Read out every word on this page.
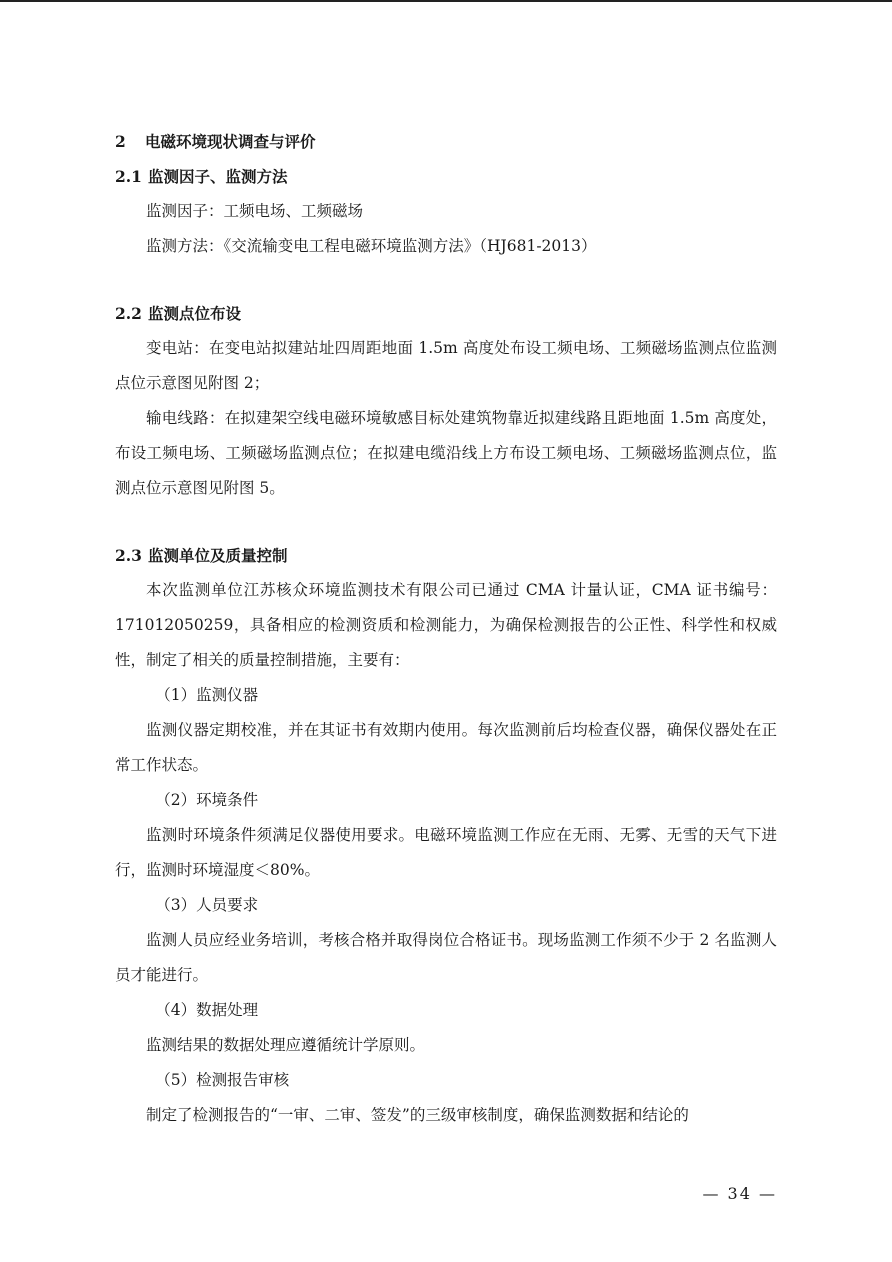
2 电磁环境现状调查与评价
2.1 监测因子、监测方法

监测因子：工频电场、工频磁场

监测方法：《交流输变电工程电磁环境监测方法》（HJ681-2013）

2.2 监测点位布设

变电站：在变电站拟建站址四周距地面 1.5m 高度处布设工频电场、工频磁场监测点位监测点位示意图见附图 2；

输电线路：在拟建架空线电磁环境敏感目标处建筑物靠近拟建线路且距地面 1.5m 高度处，布设工频电场、工频磁场监测点位；在拟建电缆沿线上方布设工频电场、工频磁场监测点位，监测点位示意图见附图 5。

2.3 监测单位及质量控制

本次监测单位江苏核众环境监测技术有限公司已通过 CMA 计量认证，CMA 证书编号：171012050259，具备相应的检测资质和检测能力，为确保检测报告的公正性、科学性和权威性，制定了相关的质量控制措施，主要有：

（1）监测仪器

监测仪器定期校准，并在其证书有效期内使用。每次监测前后均检查仪器，确保仪器处在正常工作状态。

（2）环境条件

监测时环境条件须满足仪器使用要求。电磁环境监测工作应在无雨、无雾、无雪的天气下进行，监测时环境湿度＜80%。

（3）人员要求

监测人员应经业务培训，考核合格并取得岗位合格证书。现场监测工作须不少于 2 名监测人员才能进行。

（4）数据处理

监测结果的数据处理应遵循统计学原则。

（5）检测报告审核

制定了检测报告的“一审、二审、签发”的三级审核制度，确保监测数据和结论的

— 34 —
